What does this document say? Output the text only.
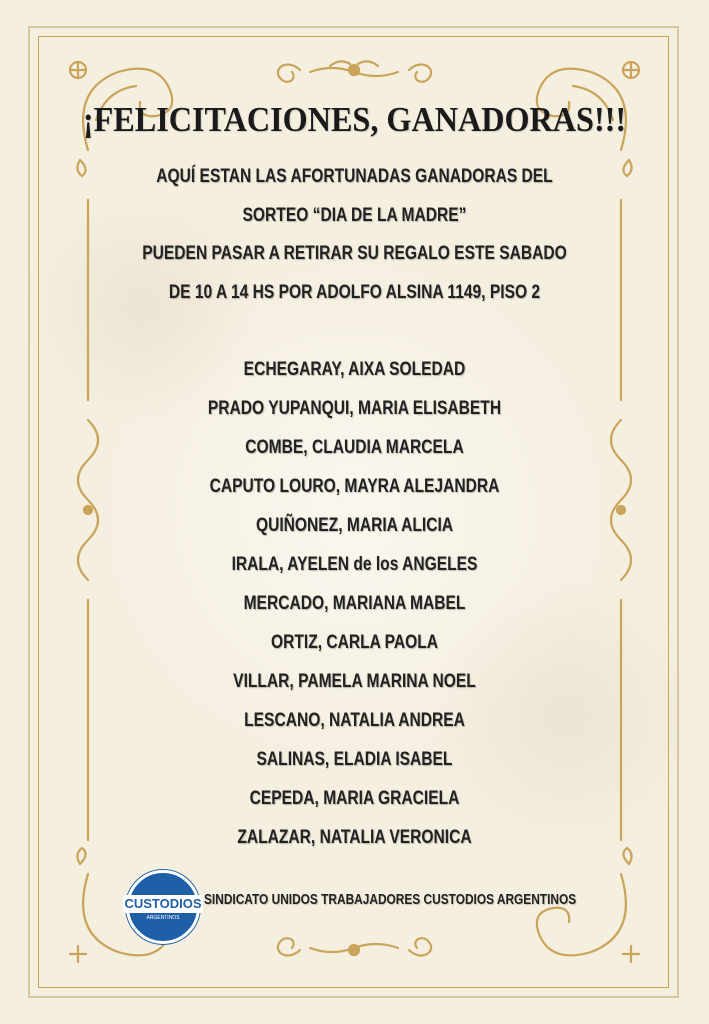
¡FELICITACIONES, GANADORAS!!!
AQUÍ ESTAN LAS AFORTUNADAS GANADORAS DEL
SORTEO “DIA DE LA MADRE”
PUEDEN PASAR A RETIRAR SU REGALO ESTE SABADO
DE 10 A 14 HS POR ADOLFO ALSINA 1149, PISO 2
ECHEGARAY, AIXA SOLEDAD
PRADO YUPANQUI, MARIA ELISABETH
COMBE, CLAUDIA MARCELA
CAPUTO LOURO, MAYRA ALEJANDRA
QUIÑONEZ, MARIA ALICIA
IRALA, AYELEN de los ANGELES
MERCADO, MARIANA MABEL
ORTIZ, CARLA PAOLA
VILLAR, PAMELA MARINA NOEL
LESCANO, NATALIA ANDREA
SALINAS, ELADIA ISABEL
CEPEDA, MARIA GRACIELA
ZALAZAR, NATALIA VERONICA
CUSTODIOS
ARGENTINOS
SINDICATO UNIDOS TRABAJADORES CUSTODIOS ARGENTINOS
